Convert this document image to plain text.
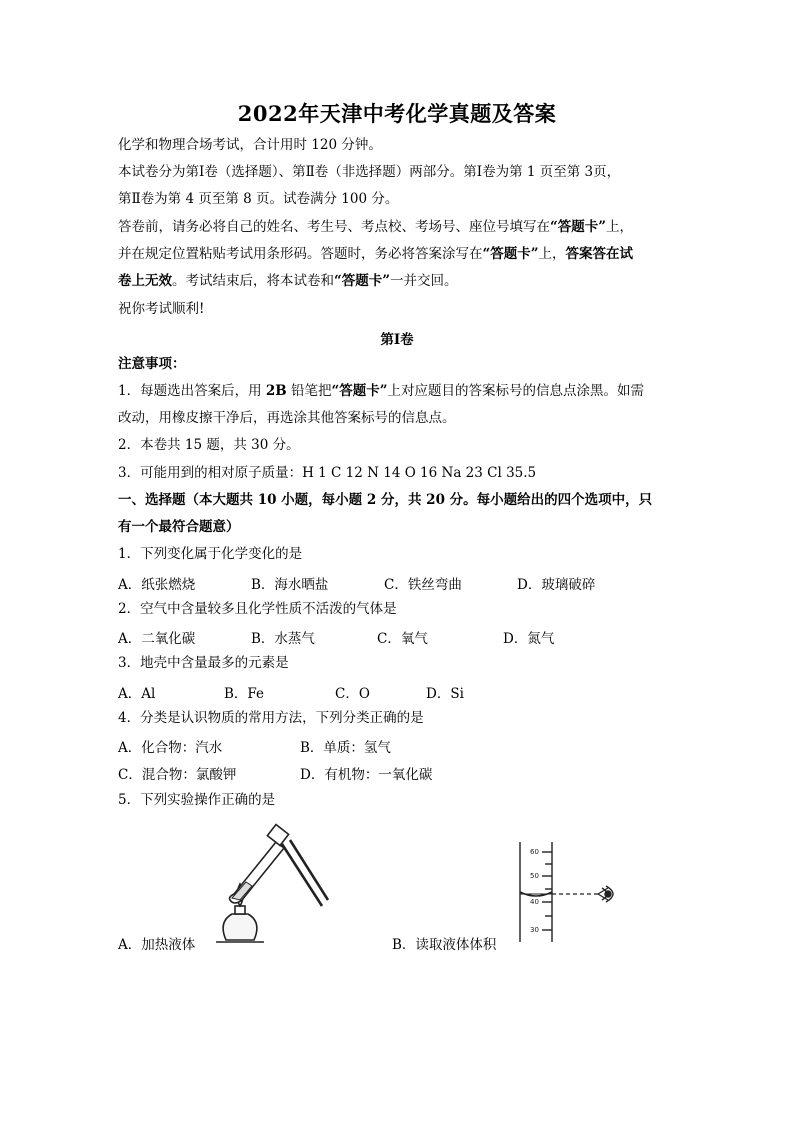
2022年天津中考化学真题及答案
化学和物理合场考试，合计用时 120 分钟。
本试卷分为第Ⅰ卷（选择题）、第Ⅱ卷（非选择题）两部分。第Ⅰ卷为第 1 页至第 3页，
第Ⅱ卷为第 4 页至第 8 页。试卷满分 100 分。
答卷前，请务必将自己的姓名、考生号、考点校、考场号、座位号填写在“答题卡”上，
并在规定位置粘贴考试用条形码。答题时，务必将答案涂写在“答题卡”上，答案答在试
卷上无效。考试结束后，将本试卷和“答题卡”一并交回。
祝你考试顺利!
第Ⅰ卷
注意事项：
1．每题选出答案后，用 2B 铅笔把“答题卡”上对应题目的答案标号的信息点涂黑。如需
改动，用橡皮擦干净后，再选涂其他答案标号的信息点。
2．本卷共 15 题，共 30 分。
3．可能用到的相对原子质量：H 1 C 12 N 14 O 16 Na 23 Cl 35.5
一、选择题（本大题共 10 小题，每小题 2 分，共 20 分。每小题给出的四个选项中，只
有一个最符合题意）
1．下列变化属于化学变化的是
A．纸张燃烧	B．海水晒盐	C．铁丝弯曲	D．玻璃破碎
2．空气中含量较多且化学性质不活泼的气体是
A．二氧化碳	B．水蒸气	C．氧气	D．氮气
3．地壳中含量最多的元素是
A．Al	B．Fe	C．O	D．Si
4．分类是认识物质的常用方法，下列分类正确的是
A．化合物：汽水	B．单质：氢气
C．混合物：氯酸钾	D．有机物：一氧化碳
5．下列实验操作正确的是
A．加热液体
60
50
40
30
B．读取液体体积
